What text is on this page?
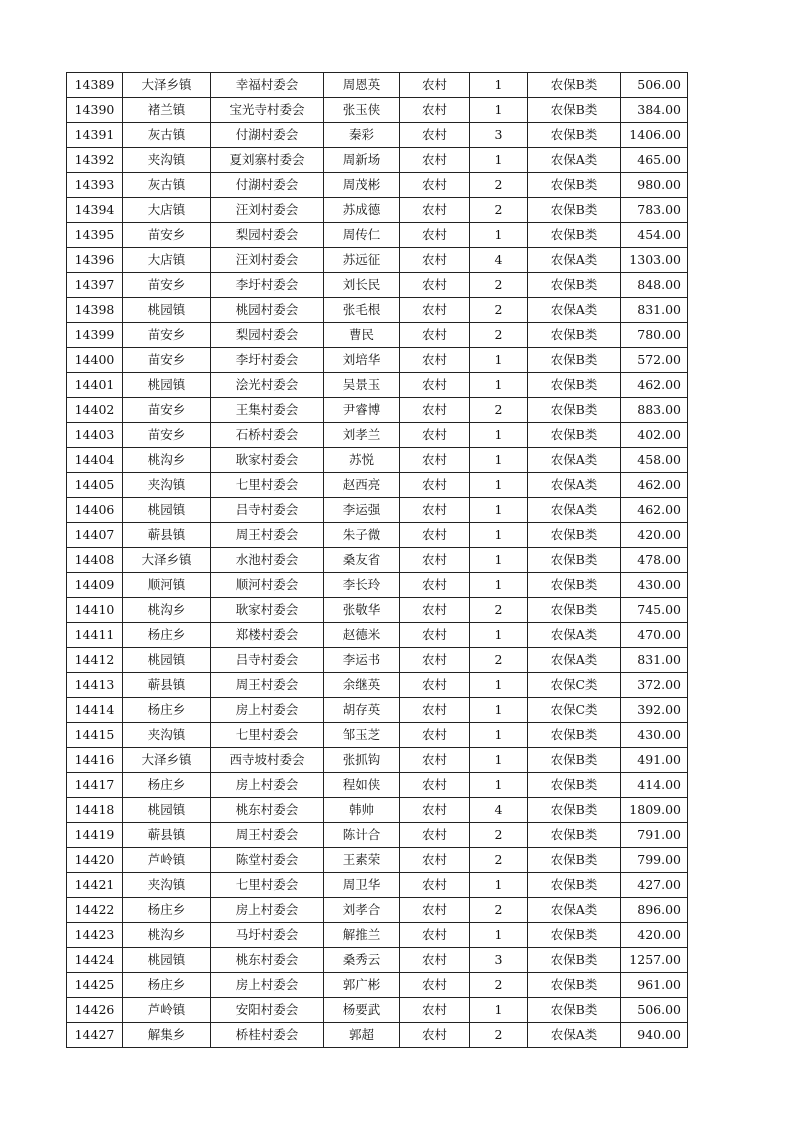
14389	大泽乡镇	幸福村委会	周恩英	农村	1	农保B类	506.00
14390	褚兰镇	宝光寺村委会	张玉侠	农村	1	农保B类	384.00
14391	灰古镇	付湖村委会	秦彩	农村	3	农保B类	1406.00
14392	夹沟镇	夏刘寨村委会	周新场	农村	1	农保A类	465.00
14393	灰古镇	付湖村委会	周茂彬	农村	2	农保B类	980.00
14394	大店镇	汪刘村委会	苏成德	农村	2	农保B类	783.00
14395	苗安乡	梨园村委会	周传仁	农村	1	农保B类	454.00
14396	大店镇	汪刘村委会	苏远征	农村	4	农保A类	1303.00
14397	苗安乡	李圩村委会	刘长民	农村	2	农保B类	848.00
14398	桃园镇	桃园村委会	张毛根	农村	2	农保A类	831.00
14399	苗安乡	梨园村委会	曹民	农村	2	农保B类	780.00
14400	苗安乡	李圩村委会	刘培华	农村	1	农保B类	572.00
14401	桃园镇	浍光村委会	吴景玉	农村	1	农保B类	462.00
14402	苗安乡	王集村委会	尹睿博	农村	2	农保B类	883.00
14403	苗安乡	石桥村委会	刘孝兰	农村	1	农保B类	402.00
14404	桃沟乡	耿家村委会	苏悦	农村	1	农保A类	458.00
14405	夹沟镇	七里村委会	赵西亮	农村	1	农保A类	462.00
14406	桃园镇	吕寺村委会	李运强	农村	1	农保A类	462.00
14407	蕲县镇	周王村委会	朱子微	农村	1	农保B类	420.00
14408	大泽乡镇	水池村委会	桑友省	农村	1	农保B类	478.00
14409	顺河镇	顺河村委会	李长玲	农村	1	农保B类	430.00
14410	桃沟乡	耿家村委会	张敬华	农村	2	农保B类	745.00
14411	杨庄乡	郑楼村委会	赵德米	农村	1	农保A类	470.00
14412	桃园镇	吕寺村委会	李运书	农村	2	农保A类	831.00
14413	蕲县镇	周王村委会	余继英	农村	1	农保C类	372.00
14414	杨庄乡	房上村委会	胡存英	农村	1	农保C类	392.00
14415	夹沟镇	七里村委会	邹玉芝	农村	1	农保B类	430.00
14416	大泽乡镇	西寺坡村委会	张抓钩	农村	1	农保B类	491.00
14417	杨庄乡	房上村委会	程如侠	农村	1	农保B类	414.00
14418	桃园镇	桃东村委会	韩帅	农村	4	农保B类	1809.00
14419	蕲县镇	周王村委会	陈计合	农村	2	农保B类	791.00
14420	芦岭镇	陈堂村委会	王素荣	农村	2	农保B类	799.00
14421	夹沟镇	七里村委会	周卫华	农村	1	农保B类	427.00
14422	杨庄乡	房上村委会	刘孝合	农村	2	农保A类	896.00
14423	桃沟乡	马圩村委会	解推兰	农村	1	农保B类	420.00
14424	桃园镇	桃东村委会	桑秀云	农村	3	农保B类	1257.00
14425	杨庄乡	房上村委会	郭广彬	农村	2	农保B类	961.00
14426	芦岭镇	安阳村委会	杨要武	农村	1	农保B类	506.00
14427	解集乡	桥桂村委会	郭超	农村	2	农保A类	940.00
